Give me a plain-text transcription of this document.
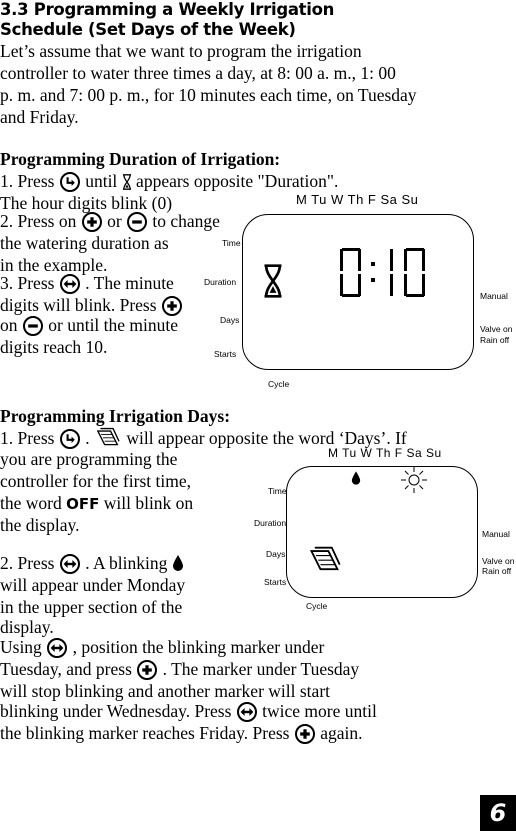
3.3 Programming a Weekly Irrigation
Schedule (Set Days of the Week)
Let’s assume that we want to program the irrigation
controller to water three times a day, at 8: 00 a. m., 1: 00
p. m. and 7: 00 p. m., for 10 minutes each time, on Tuesday
and Friday.
Programming Duration of Irrigation:
1. Press until appears opposite "Duration".
The hour digits blink (0)
2. Press on or to change
the watering duration as
in the example.
3. Press . The minute
digits will blink. Press
on or until the minute
digits reach 10.
M Tu W Th F Sa Su
Time
Duration
Days
Starts
Cycle
Manual
Valve on
Rain off
Programming Irrigation Days:
1. Press . will appear opposite the word ‘Days’. If
you are programming the
controller for the first time,
the word OFF will blink on
the display.
2. Press . A blinking
will appear under Monday
in the upper section of the
display.
Using , position the blinking marker under
Tuesday, and press . The marker under Tuesday
will stop blinking and another marker will start
blinking under Wednesday. Press twice more until
the blinking marker reaches Friday. Press again.
M Tu W Th F Sa Su
Time
Duration
Days
Starts
Cycle
Manual
Valve on
Rain off
6
